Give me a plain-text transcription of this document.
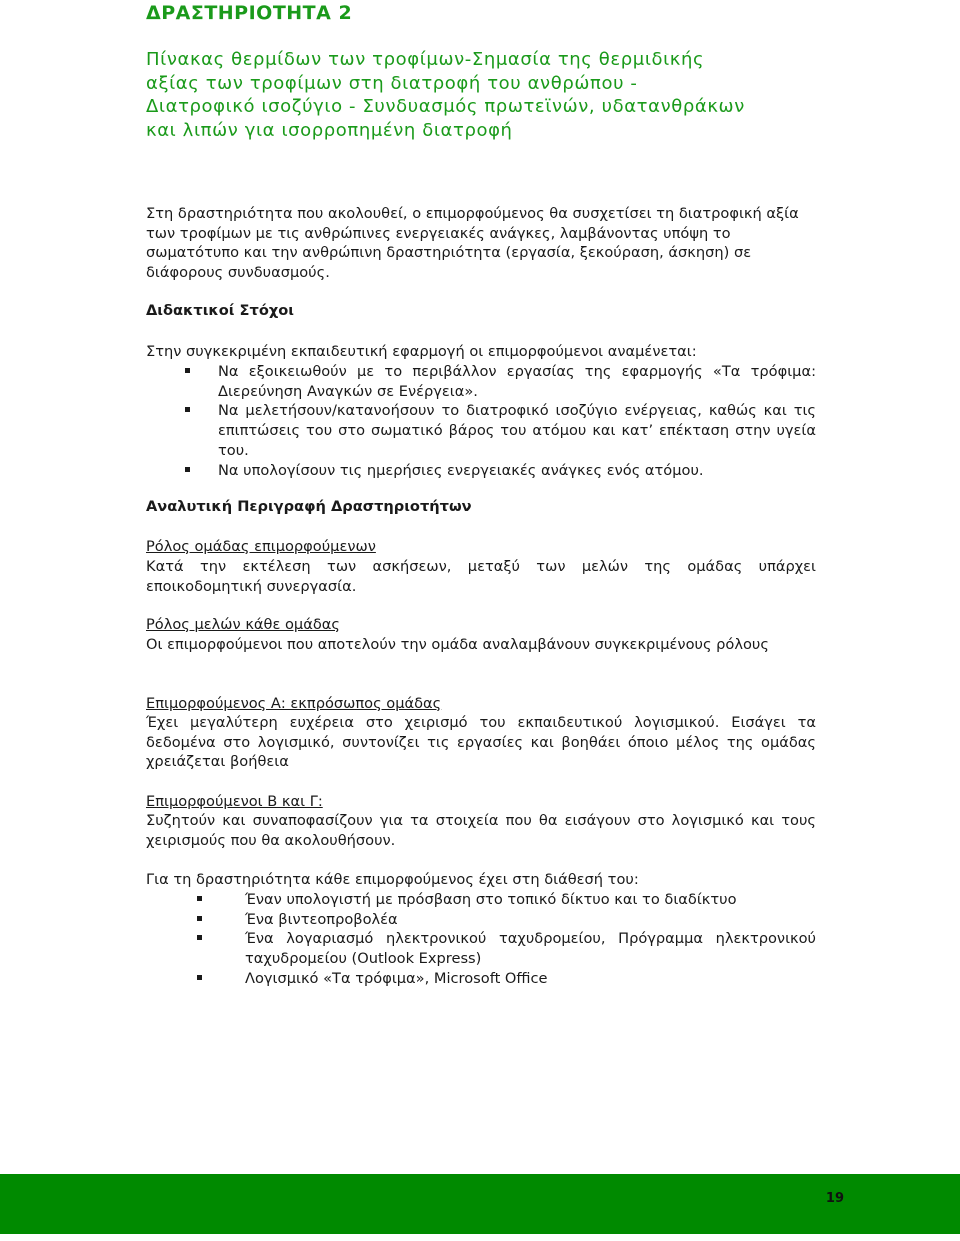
ΔΡΑΣΤΗΡΙΟΤΗΤΑ 2
Πίνακας θερμίδων των τροφίμων-Σημασία της θερμιδικής αξίας των τροφίμων στη διατροφή του ανθρώπου - Διατροφικό ισοζύγιο - Συνδυασμός πρωτεϊνών, υδατανθράκων και λιπών για ισορροπημένη διατροφή

Στη δραστηριότητα που ακολουθεί, ο επιμορφούμενος θα συσχετίσει τη διατροφική αξία των τροφίμων με τις ανθρώπινες ενεργειακές ανάγκες, λαμβάνοντας υπόψη το σωματότυπο και την ανθρώπινη δραστηριότητα (εργασία, ξεκούραση, άσκηση) σε διάφορους συνδυασμούς.

Διδακτικοί Στόχοι

Στην συγκεκριμένη εκπαιδευτική εφαρμογή οι επιμορφούμενοι αναμένεται:

Να εξοικειωθούν με το περιβάλλον εργασίας της εφαρμογής «Τα τρόφιμα: Διερεύνηση Αναγκών σε Ενέργεια».
Να μελετήσουν/κατανοήσουν το διατροφικό ισοζύγιο ενέργειας, καθώς και τις επιπτώσεις του στο σωματικό βάρος του ατόμου και κατ’ επέκταση στην υγεία του.
Να υπολογίσουν τις ημερήσιες ενεργειακές ανάγκες ενός ατόμου.

Αναλυτική Περιγραφή Δραστηριοτήτων

Ρόλος ομάδας επιμορφούμενων

Κατά την εκτέλεση των ασκήσεων, μεταξύ των μελών της ομάδας υπάρχει εποικοδομητική συνεργασία.

Ρόλος μελών κάθε ομάδας

Οι επιμορφούμενοι που αποτελούν την ομάδα αναλαμβάνουν συγκεκριμένους ρόλους

Επιμορφούμενος Α: εκπρόσωπος ομάδας

Έχει μεγαλύτερη ευχέρεια στο χειρισμό του εκπαιδευτικού λογισμικού. Εισάγει τα δεδομένα στο λογισμικό, συντονίζει τις εργασίες και βοηθάει όποιο μέλος της ομάδας χρειάζεται βοήθεια

Επιμορφούμενοι Β και Γ:

Συζητούν και συναποφασίζουν για τα στοιχεία που θα εισάγουν στο λογισμικό και τους χειρισμούς που θα ακολουθήσουν.

Για τη δραστηριότητα κάθε επιμορφούμενος έχει στη διάθεσή του:

Έναν υπολογιστή με πρόσβαση στο τοπικό δίκτυο και το διαδίκτυο
Ένα βιντεοπροβολέα
Ένα λογαριασμό ηλεκτρονικού ταχυδρομείου, Πρόγραμμα ηλεκτρονικού ταχυδρομείου (Outlook Express)
Λογισμικό «Τα τρόφιμα», Microsoft Office
19
